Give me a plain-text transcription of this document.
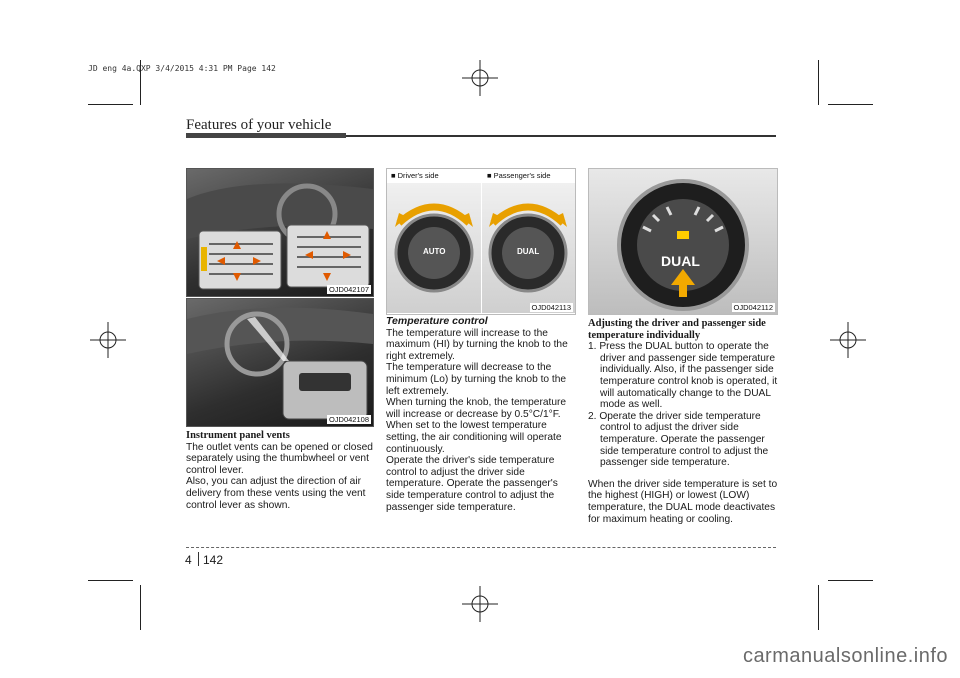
JD eng 4a.QXP 3/4/2015 4:31 PM Page 142
Features of your vehicle
OJD042107
OJD042108
■ Driver's side	■ Passenger's side
AUTO	DUAL
OJD042113
DUAL
OJD042112

Instrument panel vents

The outlet vents can be opened or closed separately using the thumbwheel or vent control lever.

Also, you can adjust the direction of air delivery from these vents using the vent control lever as shown.

Temperature control

The temperature will increase to the maximum (HI) by turning the knob to the right extremely.

The temperature will decrease to the minimum (Lo) by turning the knob to the left extremely.

When turning the knob, the temperature will increase or decrease by 0.5°C/1°F. When set to the lowest temperature setting, the air conditioning will operate continuously.

Operate the driver's side temperature control to adjust the driver side temperature. Operate the passenger's side temperature control to adjust the passenger side temperature.

Adjusting the driver and passenger side temperature individually

1. Press the DUAL button to operate the driver and passenger side temperature individually. Also, if the passenger side temperature control knob is operated, it will automatically change to the DUAL mode as well.

2. Operate the driver side temperature control to adjust the driver side temperature. Operate the passenger side temperature control to adjust the passenger side temperature.

When the driver side temperature is set to the highest (HIGH) or lowest (LOW) temperature, the DUAL mode deactivates for maximum heating or cooling.

4 142
carmanualsonline.info
